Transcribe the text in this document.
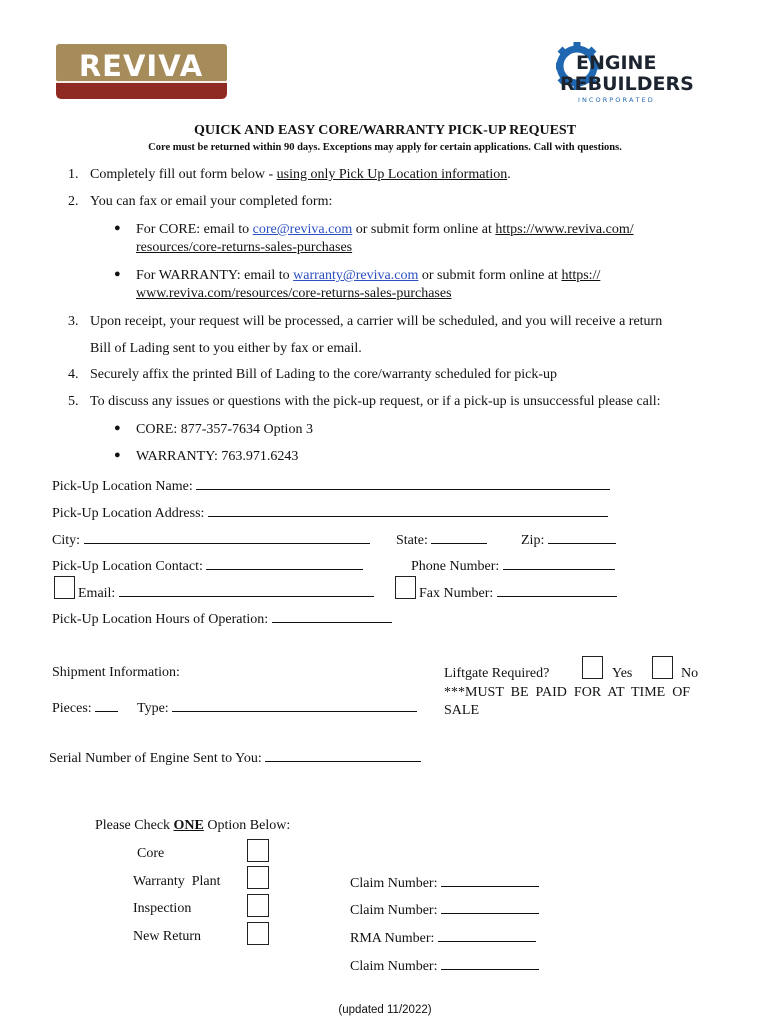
REVIVA	ENGINE
REBUILDERS
I N C O R P O R A T E D
QUICK AND EASY CORE/WARRANTY PICK-UP REQUEST
Core must be returned within 90 days. Exceptions may apply for certain applications. Call with questions.
1. Completely fill out form below - using only Pick Up Location information.
2. You can fax or email your completed form:
● For CORE: email to core@reviva.com or submit form online at https://www.reviva.com/
resources/core-returns-sales-purchases
● For WARRANTY: email to warranty@reviva.com or submit form online at https://
www.reviva.com/resources/core-returns-sales-purchases
3. Upon receipt, your request will be processed, a carrier will be scheduled, and you will receive a return
Bill of Lading sent to you either by fax or email.
4. Securely affix the printed Bill of Lading to the core/warranty scheduled for pick-up
5. To discuss any issues or questions with the pick-up request, or if a pick-up is unsuccessful please call:
● CORE: 877-357-7634 Option 3
● WARRANTY: 763.971.6243
Pick-Up Location Name:
Pick-Up Location Address:
City:	State:	Zip:
Pick-Up Location Contact:	Phone Number:
Email:	Fax Number:
Pick-Up Location Hours of Operation:
Shipment Information:
Pieces:	Type:
Liftgate Required?	Yes	No
***MUST  BE  PAID  FOR  AT  TIME  OF
SALE
Serial Number of Engine Sent to You:
Please Check ONE Option Below:
Core
Warranty  Plant
Inspection
New Return
Claim Number:
Claim Number:
RMA Number:
Claim Number:
(updated 11/2022)
